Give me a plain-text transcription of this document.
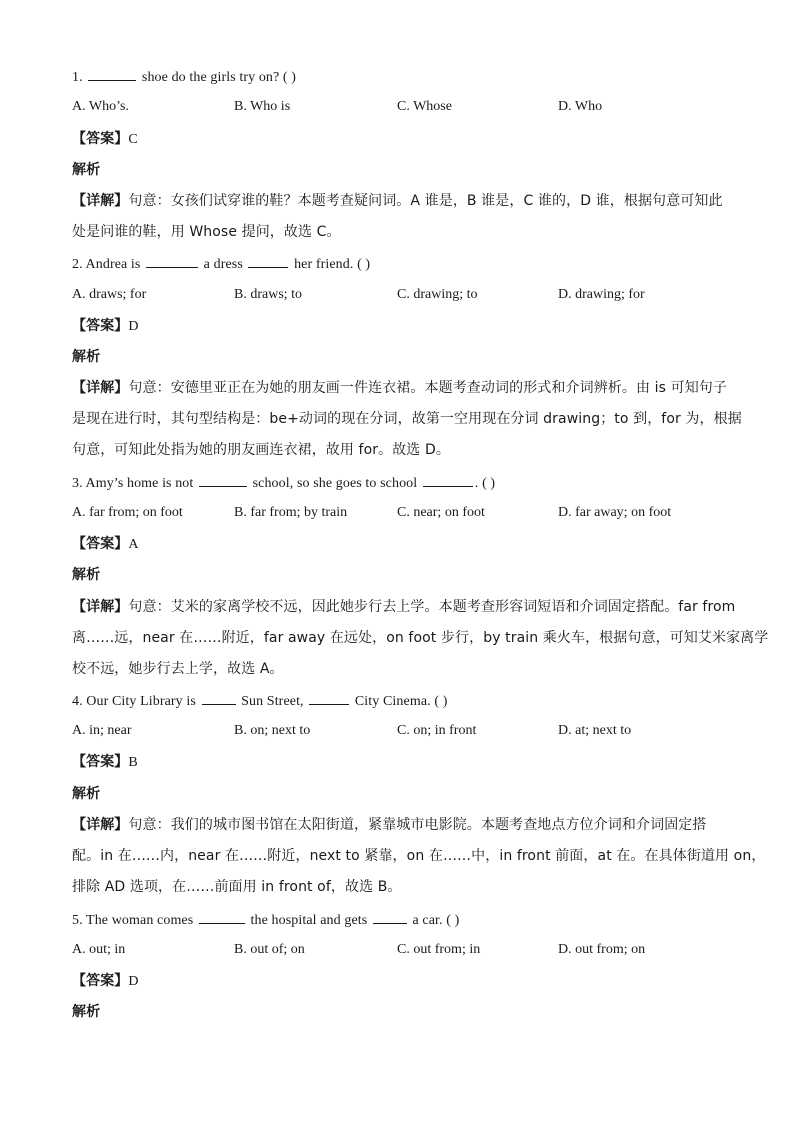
1.	shoe do the girls try on? ( )
A. Who’s.	B. Who is	C. Whose	D. Who
【答案】C
解析
【详解】句意：女孩们试穿谁的鞋？本题考查疑问词。A 谁是，B 谁是，C 谁的，D 谁，根据句意可知此
处是问谁的鞋，用 Whose 提问，故选 C。
2. Andrea is	a dress	her friend. ( )
A. draws; for	B. draws; to	C. drawing; to	D. drawing; for
【答案】D
解析
【详解】句意：安德里亚正在为她的朋友画一件连衣裙。本题考查动词的形式和介词辨析。由 is 可知句子
是现在进行时，其句型结构是：be+动词的现在分词，故第一空用现在分词 drawing；to 到，for 为，根据
句意，可知此处指为她的朋友画连衣裙，故用 for。故选 D。
3. Amy’s home is not	school, so she goes to school	. ( )
A. far from; on foot	B. far from; by train	C. near; on foot	D. far away; on foot
【答案】A
解析
【详解】句意：艾米的家离学校不远，因此她步行去上学。本题考查形容词短语和介词固定搭配。far from
离……远，near 在……附近，far away 在远处，on foot 步行，by train 乘火车，根据句意，可知艾米家离学
校不远，她步行去上学，故选 A。
4. Our City Library is	Sun Street,	City Cinema. ( )
A. in; near	B. on; next to	C. on; in front	D. at; next to
【答案】B
解析
【详解】句意：我们的城市图书馆在太阳街道，紧靠城市电影院。本题考查地点方位介词和介词固定搭
配。in 在……内，near 在……附近，next to 紧靠，on 在……中，in front 前面，at 在。在具体街道用 on，
排除 AD 选项，在……前面用 in front of，故选 B。
5. The woman comes	the hospital and gets	a car. ( )
A. out; in	B. out of; on	C. out from; in	D. out from; on
【答案】D
解析
